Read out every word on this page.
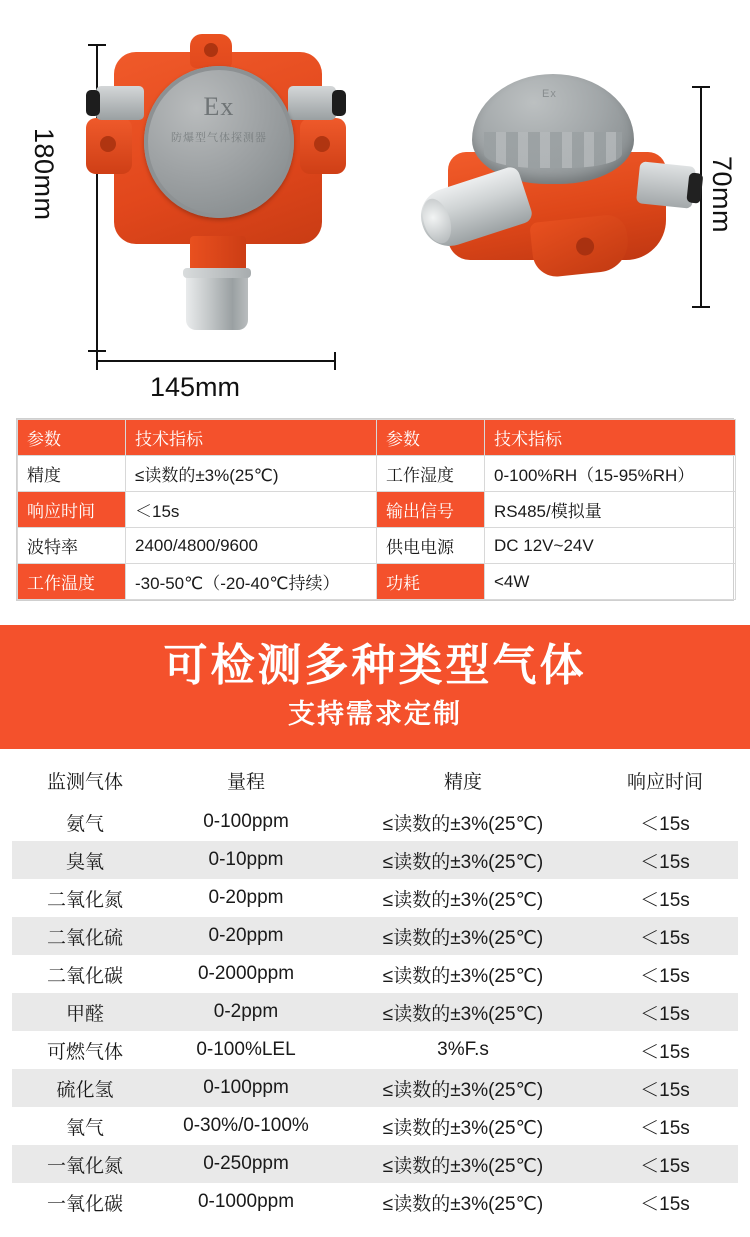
180mm
145mm
70mm
Ex
防爆型气体探测器
Ex
参数	技术指标	参数	技术指标
精度	≤读数的±3%(25℃)	工作湿度	0-100%RH（15-95%RH）
响应时间	＜15s	输出信号	RS485/模拟量
波特率	2400/4800/9600	供电电源	DC 12V~24V
工作温度	-30-50℃（-20-40℃持续）	功耗	<4W
可检测多种类型气体
支持需求定制
监测气体	量程	精度	响应时间
氨气	0-100ppm	≤读数的±3%(25℃)	＜15s
臭氧	0-10ppm	≤读数的±3%(25℃)	＜15s
二氧化氮	0-20ppm	≤读数的±3%(25℃)	＜15s
二氧化硫	0-20ppm	≤读数的±3%(25℃)	＜15s
二氧化碳	0-2000ppm	≤读数的±3%(25℃)	＜15s
甲醛	0-2ppm	≤读数的±3%(25℃)	＜15s
可燃气体	0-100%LEL	3%F.s	＜15s
硫化氢	0-100ppm	≤读数的±3%(25℃)	＜15s
氧气	0-30%/0-100%	≤读数的±3%(25℃)	＜15s
一氧化氮	0-250ppm	≤读数的±3%(25℃)	＜15s
一氧化碳	0-1000ppm	≤读数的±3%(25℃)	＜15s
